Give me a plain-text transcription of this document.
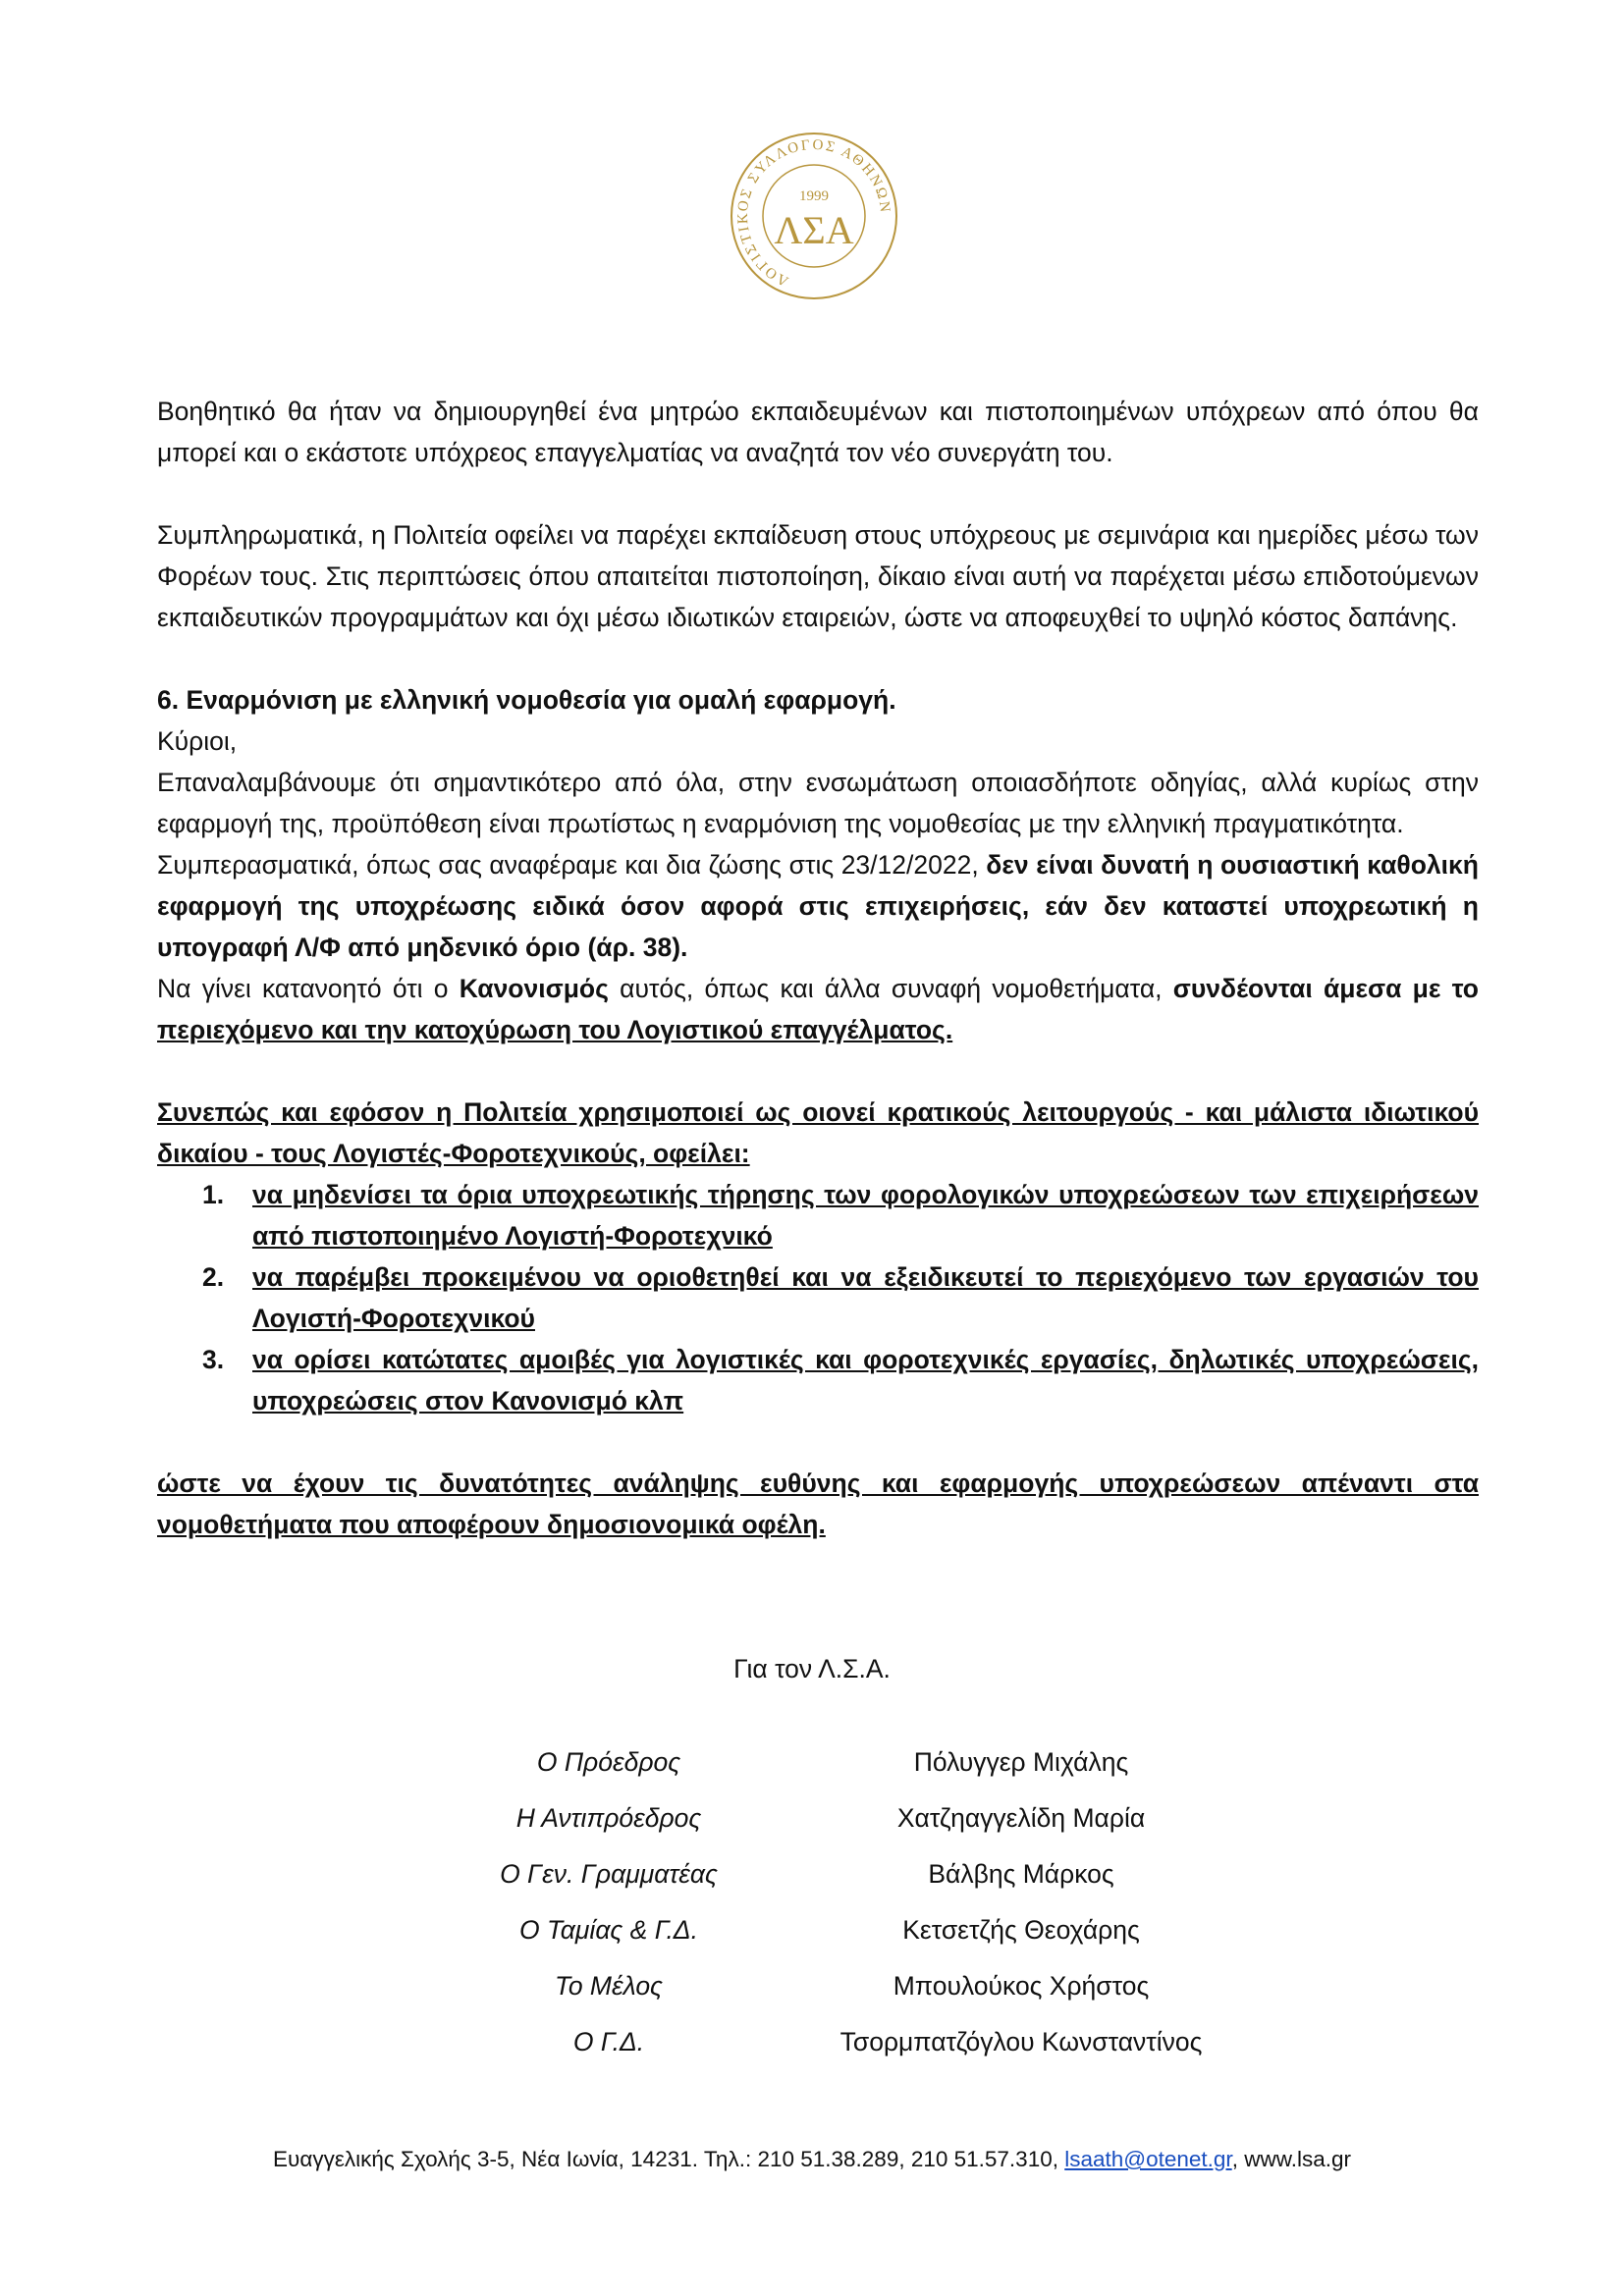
ΛΟΓΙΣΤΙΚΟΣ ΣΥΛΛΟΓΟΣ ΑΘΗΝΩΝ
1999
ΛΣΑ

Βοηθητικό θα ήταν να δημιουργηθεί ένα μητρώο εκπαιδευμένων και πιστοποιημένων υπόχρεων από όπου θα μπορεί και ο εκάστοτε υπόχρεος επαγγελματίας να αναζητά τον νέο συνεργάτη του.

Συμπληρωματικά, η Πολιτεία οφείλει να παρέχει εκπαίδευση στους υπόχρεους με σεμινάρια και ημερίδες μέσω των Φορέων τους. Στις περιπτώσεις όπου απαιτείται πιστοποίηση, δίκαιο είναι αυτή να παρέχεται μέσω επιδοτούμενων εκπαιδευτικών προγραμμάτων και όχι μέσω ιδιωτικών εταιρειών, ώστε να αποφευχθεί το υψηλό κόστος δαπάνης.

6. Εναρμόνιση με ελληνική νομοθεσία για ομαλή εφαρμογή.

Κύριοι,

Επαναλαμβάνουμε ότι σημαντικότερο από όλα, στην ενσωμάτωση οποιασδήποτε οδηγίας, αλλά κυρίως στην εφαρμογή της, προϋπόθεση είναι πρωτίστως η εναρμόνιση της νομοθεσίας με την ελληνική πραγματικότητα.

Συμπερασματικά, όπως σας αναφέραμε και δια ζώσης στις 23/12/2022, δεν είναι δυνατή η ουσιαστική καθολική εφαρμογή της υποχρέωσης ειδικά όσον αφορά στις επιχειρήσεις, εάν δεν καταστεί υποχρεωτική η υπογραφή Λ/Φ από μηδενικό όριο (άρ. 38).

Να γίνει κατανοητό ότι ο Κανονισμός αυτός, όπως και άλλα συναφή νομοθετήματα, συνδέονται άμεσα με το περιεχόμενο και την κατοχύρωση του Λογιστικού επαγγέλματος.

Συνεπώς και εφόσον η Πολιτεία χρησιμοποιεί ως οιονεί κρατικούς λειτουργούς - και μάλιστα ιδιωτικού δικαίου - τους Λογιστές-Φοροτεχνικούς, οφείλει:

1. να μηδενίσει τα όρια υποχρεωτικής τήρησης των φορολογικών υποχρεώσεων των επιχειρήσεων από πιστοποιημένο Λογιστή-Φοροτεχνικό
2. να παρέμβει προκειμένου να οριοθετηθεί και να εξειδικευτεί το περιεχόμενο των εργασιών του Λογιστή-Φοροτεχνικού
3. να ορίσει κατώτατες αμοιβές για λογιστικές και φοροτεχνικές εργασίες, δηλωτικές υποχρεώσεις, υποχρεώσεις στον Κανονισμό κλπ

ώστε να έχουν τις δυνατότητες ανάληψης ευθύνης και εφαρμογής υποχρεώσεων απέναντι στα νομοθετήματα που αποφέρουν δημοσιονομικά οφέλη.

Για τον Λ.Σ.Α.
Ο Πρόεδρος	Πόλυγγερ Μιχάλης
Η Αντιπρόεδρος	Χατζηαγγελίδη Μαρία
Ο Γεν. Γραμματέας	Βάλβης Μάρκος
Ο Ταμίας & Γ.Δ.	Κετσετζής Θεοχάρης
Το Μέλος	Μπουλούκος Χρήστος
Ο Γ.Δ.	Τσορμπατζόγλου Κωνσταντίνος
Ευαγγελικής Σχολής 3-5, Νέα Ιωνία, 14231. Τηλ.: 210 51.38.289, 210 51.57.310, lsaath@otenet.gr, www.lsa.gr
